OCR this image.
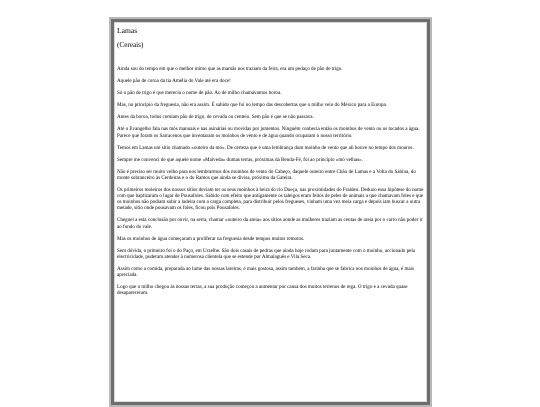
Lamas

(Cereais)

Ainda sou do tempo em que o melhor mimo que as mamãs nos traziam da feira, era um pedaço de pão de trigo.

Aquele pão de coroa da tia Amélia do Vale até era doce!

Só o pão de trigo é que merecia o nome de pão. Ao de milho chamávamos boroa.

Mas, no princípio da freguesia, não era assim. É sabido que foi no tempo das descobertas que o milho veio do México para a Europa.

Antes da boroa, todos comiam pão de trigo, de cevada ou centeio. Sem pão é que se não passava.

Até o Evangelho fala nas mós manuais e nas asinárias ou movidas por jumentos. Ninguém conhecia então os moinhos de vento ou os tocados a água. Parece que foram os Sarracenos que inventaram os moinhos de vento e de água quando ocuparam o nosso território.

Temos em Lamas um sítio chamado «outeiro da mó». De certeza que é uma lembrança dum moinho de vento que ali houve no tempo dos mouros.

Sempre me convenci de que aquele nome «Malveda» dumas terras, próximas da Benda-Fé, foi ao princípio «mó velhas».

Não é preciso ser muito velho para nos lembrarmos dos moinhos de vento do Cabeço, daquele outeiro entre Chão de Lamas e a Volta do Sabina, do monte sobranceiro às Cerdeiras e o do Ramos que ainda se divisa, próximo da Gateira.

Os primeiros moleiros dos nossos sítios deviam ter os seus moinhos à beira do rio Dueça, nas proximidades do Fraldeu. Deduzo essa hipótese do nome com que baptizaram o lugar de Pousafoles. Sabido com efeito que antigamente os taleigos eram feitos de peles de animais a que chamavam foles e que os moinhos não podiam subir a ladeira com a carga completa, para distribuir pelos fregueses, vinham uma vez meia carga e depois iam buscar a outra metade, sítio onde pousavam os foles, ficou pois Pousafoles.

Cheguei a esta conclusão por ouvir, na serra, chamar «outeiro da areia» aos sítios aonde as mulheres traziam as centas de areia por o carro não poder ir ao fundo do vale.

Mas os moinhos de água começaram a proliferar na freguesia desde tempos muitos remotos.

Sem dúvida, o primeiro foi o do Paço, em Urzelhe. São dois casais de pedras que ainda hoje rodam para juntamente com o moinho, accionado pela electricidade, puderam atender à numerosa clientela que se estende por Almalaguês e Vila Seca.

Assim como a comida, preparada ao lume das nossas lareiras, é mais gostosa, assim também, a farinha que se fabrica nos moinhos de água, é mais apreciada.

Logo que o milho chegou às nossas terras, a sua produção começou a aumentar por causa dos muitos terrenos de rega. O trigo e a cevada quase desapareceram.
